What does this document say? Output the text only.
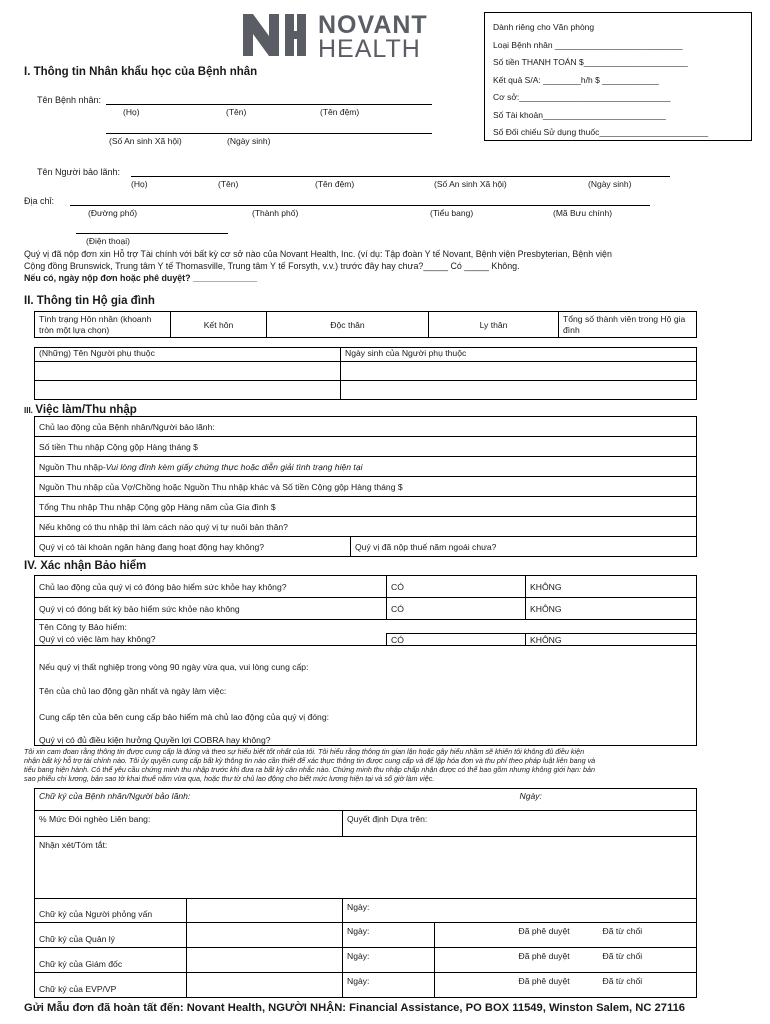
NOVANT
HEALTH
Dành riêng cho Văn phòng
Loại Bệnh nhân ___________________________
Số tiền THANH TOÁN $______________________
Kết quả S/A: ________h/h $ ____________
Cơ sở:________________________________
Số Tài khoản__________________________
Số Đối chiếu Sử dụng thuốc_______________________
I. Thông tin Nhân khẩu học của Bệnh nhân
Tên Bệnh nhân:
(Họ)	(Tên)	(Tên đệm)
(Số An sinh Xã hội)	(Ngày sinh)
Tên Người bảo lãnh:
(Họ)	(Tên)	(Tên đệm)	(Số An sinh Xã hội)	(Ngày sinh)
Địa chỉ:
(Đường phố)	(Thành phố)	(Tiểu bang)	(Mã Bưu chính)
(Điện thoại)
Quý vị đã nộp đơn xin Hỗ trợ Tài chính với bất kỳ cơ sở nào của Novant Health, Inc. (ví dụ: Tập đoàn Y tế Novant, Bệnh viện Presbyterian, Bệnh viện
Cộng đồng Brunswick, Trung tâm Y tế Thomasville, Trung tâm Y tế Forsyth, v.v.) trước đây hay chưa?_____ Có _____ Không.
Nếu có, ngày nộp đơn hoặc phê duyệt? _____________
II. Thông tin Hộ gia đình
Tình trạng Hôn nhân (khoanh tròn một lựa chọn)	Kết hôn	Độc thân	Ly thân	Tổng số thành viên trong Hộ gia đình
(Những) Tên Người phụ thuộc	Ngày sinh của Người phụ thuộc

III. Việc làm/Thu nhập
Chủ lao động của Bệnh nhân/Người bảo lãnh:
Số tiền Thu nhập Cộng gộp Hàng tháng $
Nguồn Thu nhập-Vui lòng đính kèm giấy chứng thực hoặc diễn giải tình trạng hiện tại
Nguồn Thu nhập của Vợ/Chồng hoặc Nguồn Thu nhập khác và Số tiền Cộng gộp Hàng tháng $
Tổng Thu nhập Thu nhập Cộng gộp Hàng năm của Gia đình $
Nếu không có thu nhập thì làm cách nào quý vị tự nuôi bản thân?
Quý vị có tài khoản ngân hàng đang hoạt động hay không?	Quý vị đã nộp thuế năm ngoái chưa?
IV. Xác nhận Bảo hiểm
Chủ lao động của quý vị có đóng bảo hiểm sức khỏe hay không?	CÓ	KHÔNG
Quý vị có đóng bất kỳ bảo hiểm sức khỏe nào không	CÓ	KHÔNG
Tên Công ty Bảo hiểm:		
Quý vị có việc làm hay không?	CÓ	KHÔNG
Nếu quý vị thất nghiệp trong vòng 90 ngày vừa qua, vui lòng cung cấp:		
Tên của chủ lao động gần nhất và ngày làm việc:		
Cung cấp tên của bên cung cấp bảo hiểm mà chủ lao động của quý vị đóng:		
Quý vị có đủ điều kiện hưởng Quyền lợi COBRA hay không?		
Tôi xin cam đoan rằng thông tin được cung cấp là đúng và theo sự hiểu biết tốt nhất của tôi. Tôi hiểu rằng thông tin gian lận hoặc gây hiểu nhầm sẽ khiến tôi không đủ điều kiện
nhận bất kỳ hỗ trợ tài chính nào. Tôi ủy quyền cung cấp bất kỳ thông tin nào cần thiết để xác thực thông tin được cung cấp và để lập hóa đơn và thu phí theo pháp luật liên bang và
tiểu bang hiện hành. Có thể yêu cầu chứng minh thu nhập trước khi đưa ra bất kỳ cân nhắc nào. Chứng minh thu nhập chấp nhận được có thể bao gồm nhưng không giới hạn: bản
sao phiếu chi lương, bản sao tờ khai thuế năm vừa qua, hoặc thư từ chủ lao động cho biết mức lương hiện tại và số giờ làm việc.
Chữ ký của Bệnh nhân/Người bảo lãnh: Ngày:					

% Mức Đói nghèo Liên bang:		Quyết định Dựa trên:			
Nhận xét/Tóm tắt:					
Chữ ký của Người phỏng vấn		Ngày:			
Chữ ký của Quản lý		Ngày:		Đã phê duyệt	Đã từ chối
Chữ ký của Giám đốc		Ngày:		Đã phê duyệt	Đã từ chối
Chữ ký của EVP/VP		Ngày:		Đã phê duyệt	Đã từ chối
Gửi Mẫu đơn đã hoàn tất đến: Novant Health, NGƯỜI NHẬN: Financial Assistance, PO BOX 11549, Winston Salem, NC 27116
